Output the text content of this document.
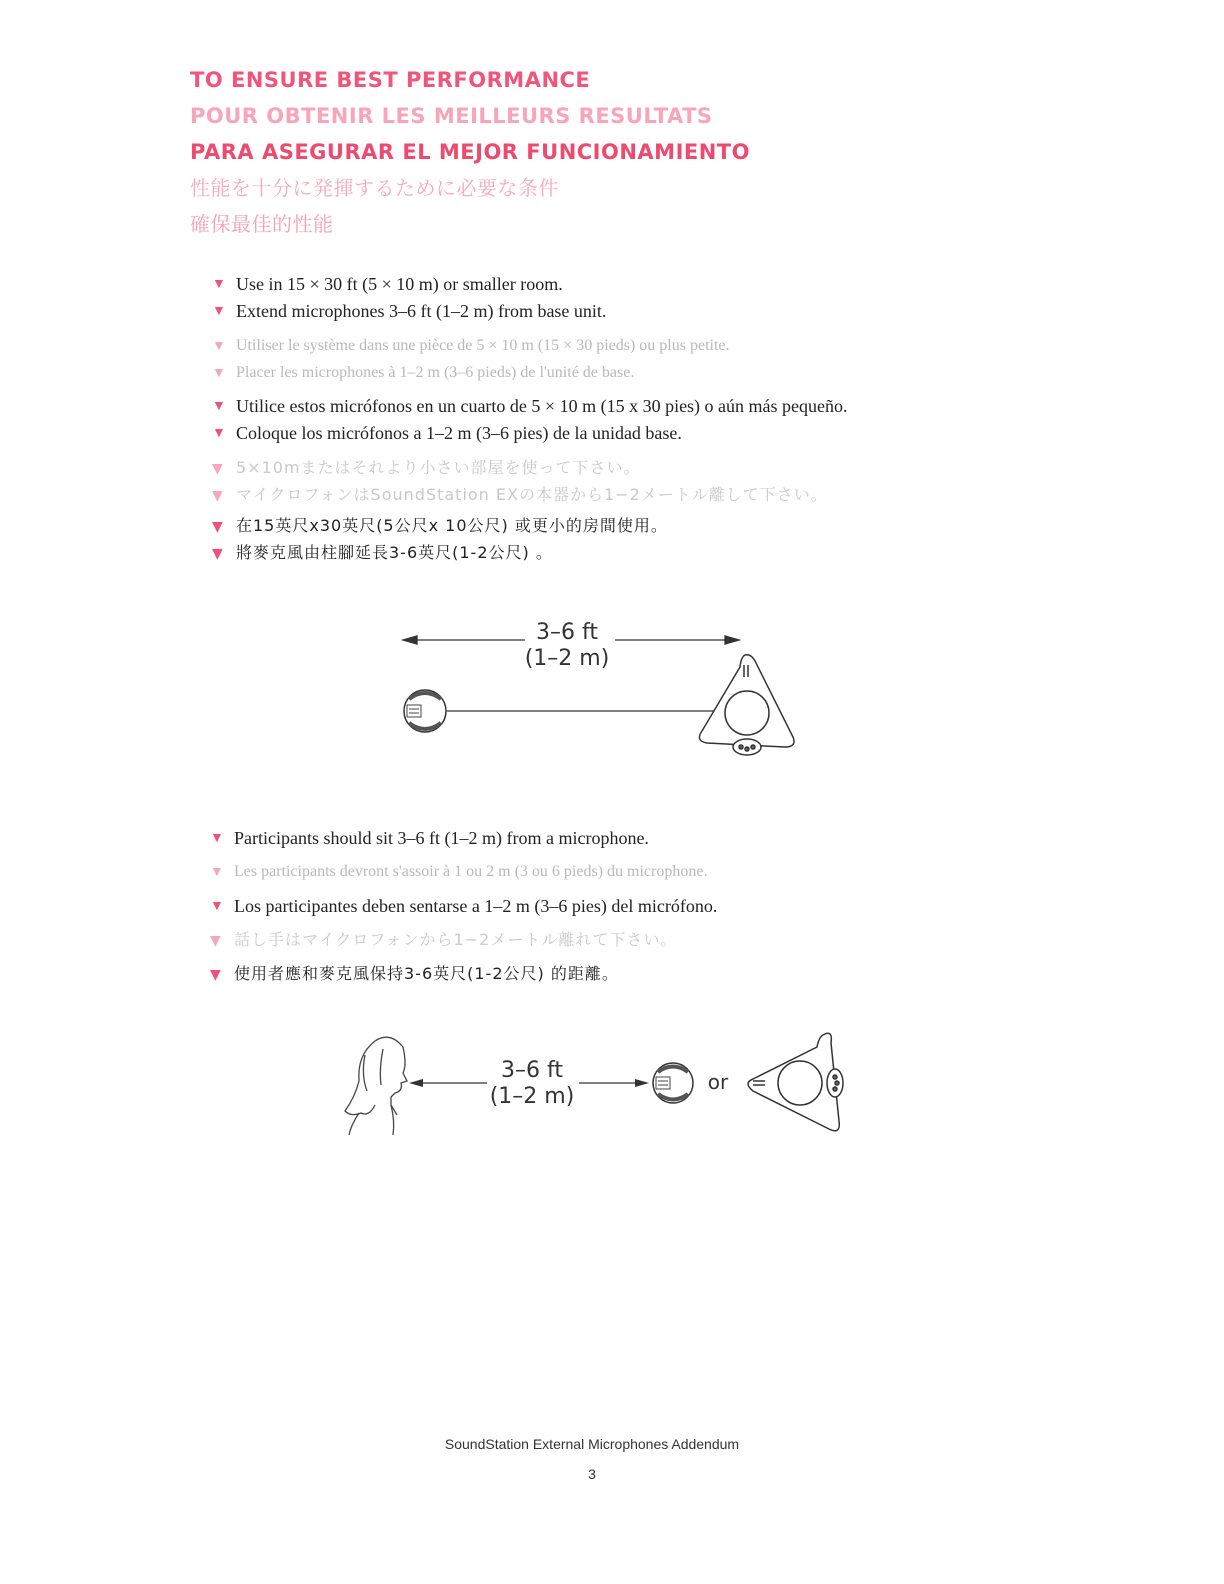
TO ENSURE BEST PERFORMANCE
POUR OBTENIR LES MEILLEURS RESULTATS
PARA ASEGURAR EL MEJOR FUNCIONAMIENTO
性能を十分に発揮するために必要な条件
確保最佳的性能
▼ Use in 15 × 30 ft (5 × 10 m) or smaller room.
▼ Extend microphones 3–6 ft (1–2 m) from base unit.
▼ Utiliser le système dans une pièce de 5 × 10 m (15 × 30 pieds) ou plus petite.
▼ Placer les microphones à 1–2 m (3–6 pieds) de l'unité de base.
▼ Utilice estos micrófonos en un cuarto de 5 × 10 m (15 x 30 pies) o aún más pequeño.
▼ Coloque los micrófonos a 1–2 m (3–6 pies) de la unidad base.
▼ 5×10mまたはそれより小さい部屋を使って下さい。
▼ マイクロフォンはSoundStation EXの本器から1−2メートル離して下さい。
▼ 在15英尺x30英尺(5公尺x 10公尺) 或更小的房間使用。
▼ 將麥克風由柱腳延長3-6英尺(1-2公尺) 。
3–6 ft
(1–2 m)
▼ Participants should sit 3–6 ft (1–2 m) from a microphone.
▼ Les participants devront s'assoir à 1 ou 2 m (3 ou 6 pieds) du microphone.
▼ Los participantes deben sentarse a 1–2 m (3–6 pies) del micrófono.
▼ 話し手はマイクロフォンから1−2メートル離れて下さい。
▼ 使用者應和麥克風保持3-6英尺(1-2公尺) 的距離。
3–6 ft
(1–2 m)
or
SoundStation External Microphones Addendum
3
